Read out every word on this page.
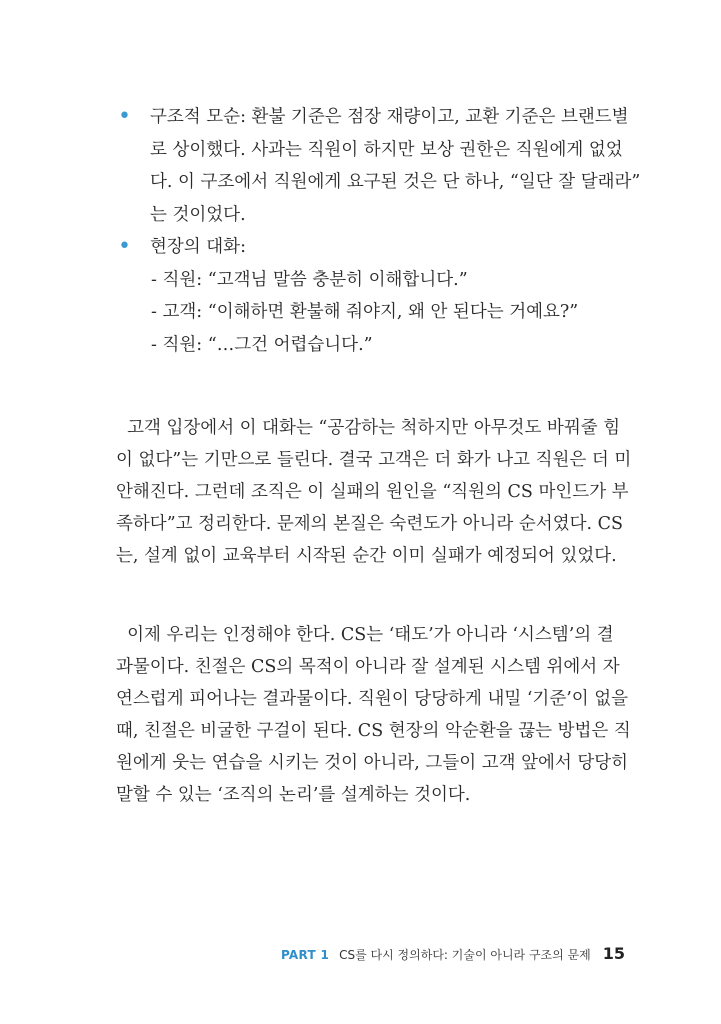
• 구조적 모순: 환불 기준은 점장 재량이고, 교환 기준은 브랜드별
로 상이했다. 사과는 직원이 하지만 보상 권한은 직원에게 없었
다. 이 구조에서 직원에게 요구된 것은 단 하나, “일단 잘 달래라”
는 것이었다.
• 현장의 대화:
- 직원: “고객님 말씀 충분히 이해합니다.”
- 고객: “이해하면 환불해 줘야지, 왜 안 된다는 거예요?”
- 직원: “…그건 어렵습니다.”
고객 입장에서 이 대화는 “공감하는 척하지만 아무것도 바꿔줄 힘
이 없다”는 기만으로 들린다. 결국 고객은 더 화가 나고 직원은 더 미
안해진다. 그런데 조직은 이 실패의 원인을 “직원의 CS 마인드가 부
족하다”고 정리한다. 문제의 본질은 숙련도가 아니라 순서였다. CS
는, 설계 없이 교육부터 시작된 순간 이미 실패가 예정되어 있었다.
이제 우리는 인정해야 한다. CS는 ‘태도’가 아니라 ‘시스템’의 결
과물이다. 친절은 CS의 목적이 아니라 잘 설계된 시스템 위에서 자
연스럽게 피어나는 결과물이다. 직원이 당당하게 내밀 ‘기준’이 없을
때, 친절은 비굴한 구걸이 된다. CS 현장의 악순환을 끊는 방법은 직
원에게 웃는 연습을 시키는 것이 아니라, 그들이 고객 앞에서 당당히
말할 수 있는 ‘조직의 논리’를 설계하는 것이다.
PART 1 CS를 다시 정의하다: 기술이 아니라 구조의 문제 15
